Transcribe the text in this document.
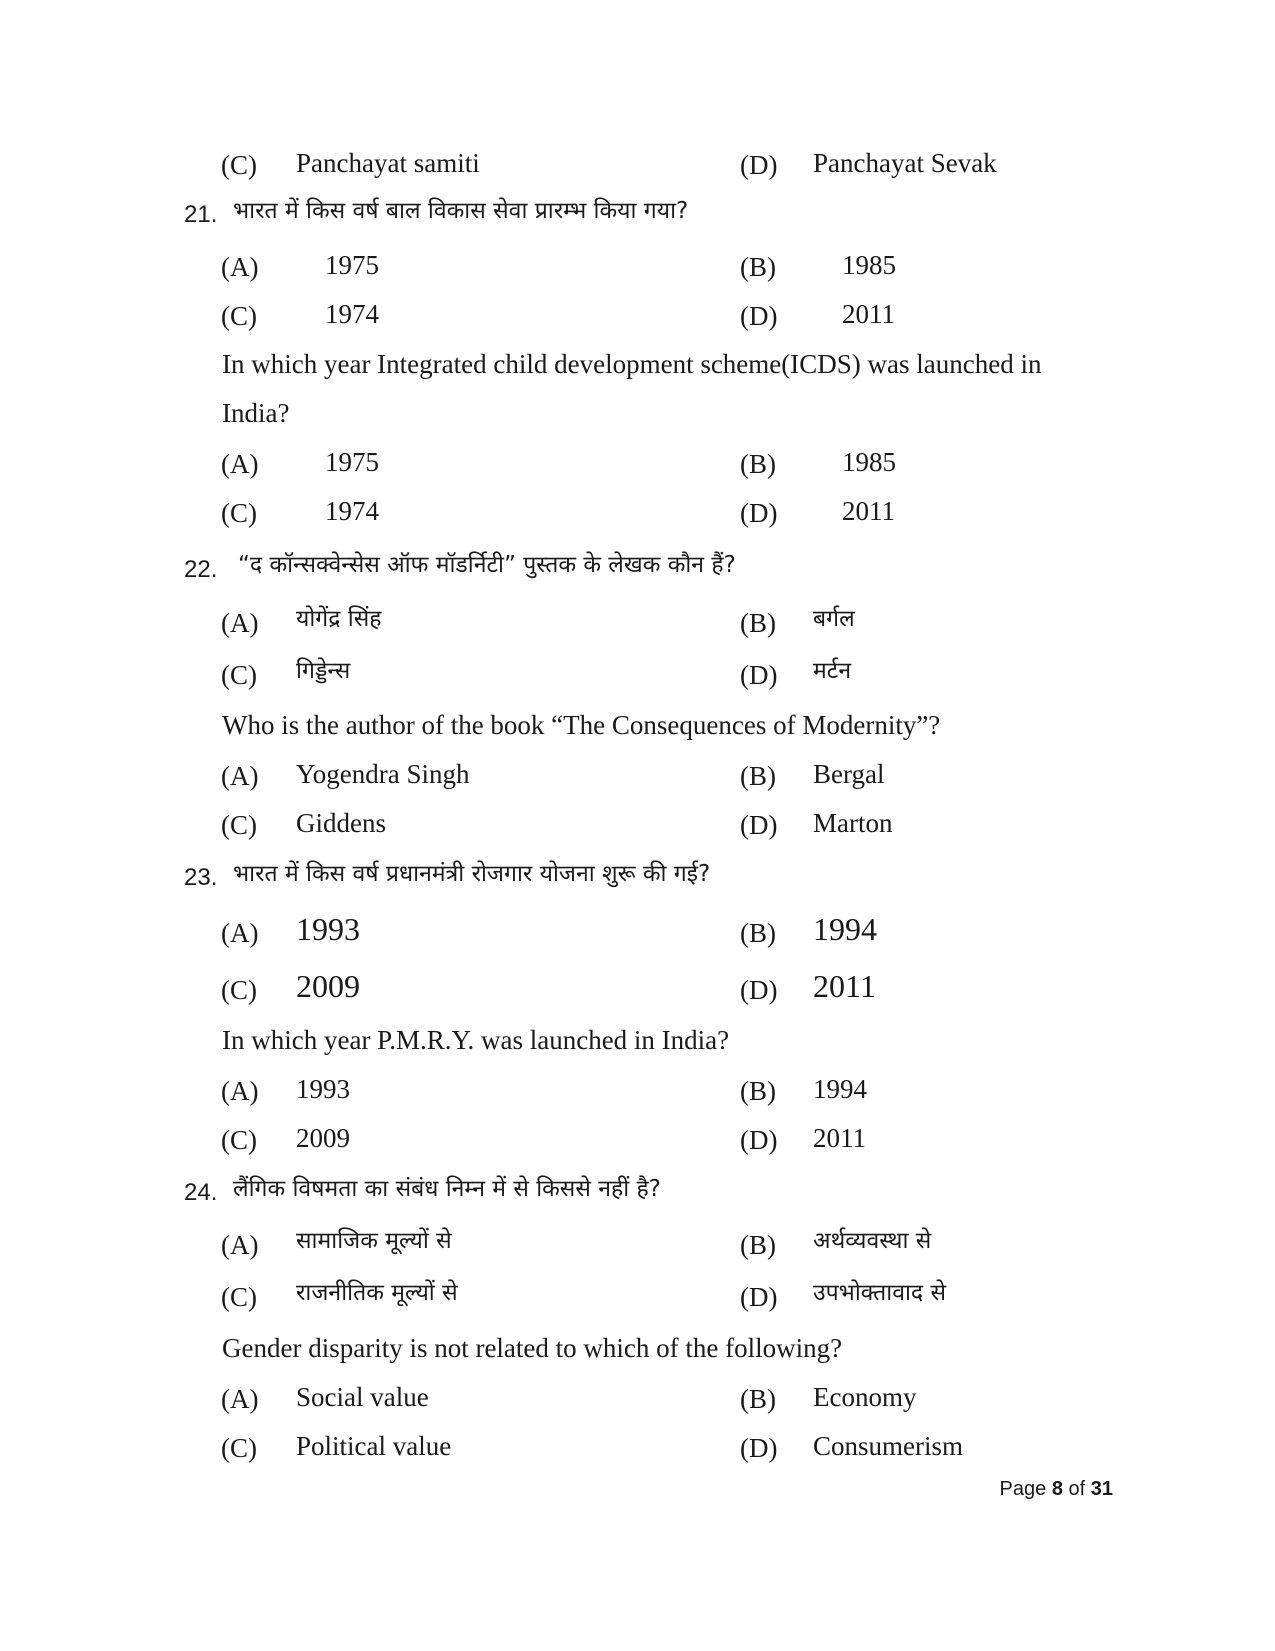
(C) Panchayat samiti	(D) Panchayat Sevak
21. भारत में किस वर्ष बाल विकास सेवा प्रारम्भ किया गया?
(A) 1975	(B) 1985
(C)	1974	(D) 2011
In which year Integrated child development scheme(ICDS) was launched in
India?
(A) 1975	(B) 1985
(C)	1974	(D) 2011
22. “द कॉन्सक्वेन्सेस ऑफ मॉडर्निटी” पुस्तक के लेखक कौन हैं?
(A) योगेंद्र सिंह	(B) बर्गल
(C) गिड्डेन्स	(D) मर्टन
Who is the author of the book “The Consequences of Modernity”?
(A) Yogendra Singh	(B) Bergal
(C) Giddens	(D) Marton
23. भारत में किस वर्ष प्रधानमंत्री रोजगार योजना शुरू की गई?
(A) 1993	(B) 1994
(C) 2009	(D) 2011
In which year P.M.R.Y. was launched in India?
(A) 1993	(B) 1994
(C) 2009	(D) 2011
24. लैंगिक विषमता का संबंध निम्न में से किससे नहीं है?
(A) सामाजिक मूल्यों से	(B) अर्थव्यवस्था से
(C) राजनीतिक मूल्यों से	(D) उपभोक्तावाद से
Gender disparity is not related to which of the following?
(A) Social value	(B) Economy
(C) Political value	(D) Consumerism
Page 8 of 31
